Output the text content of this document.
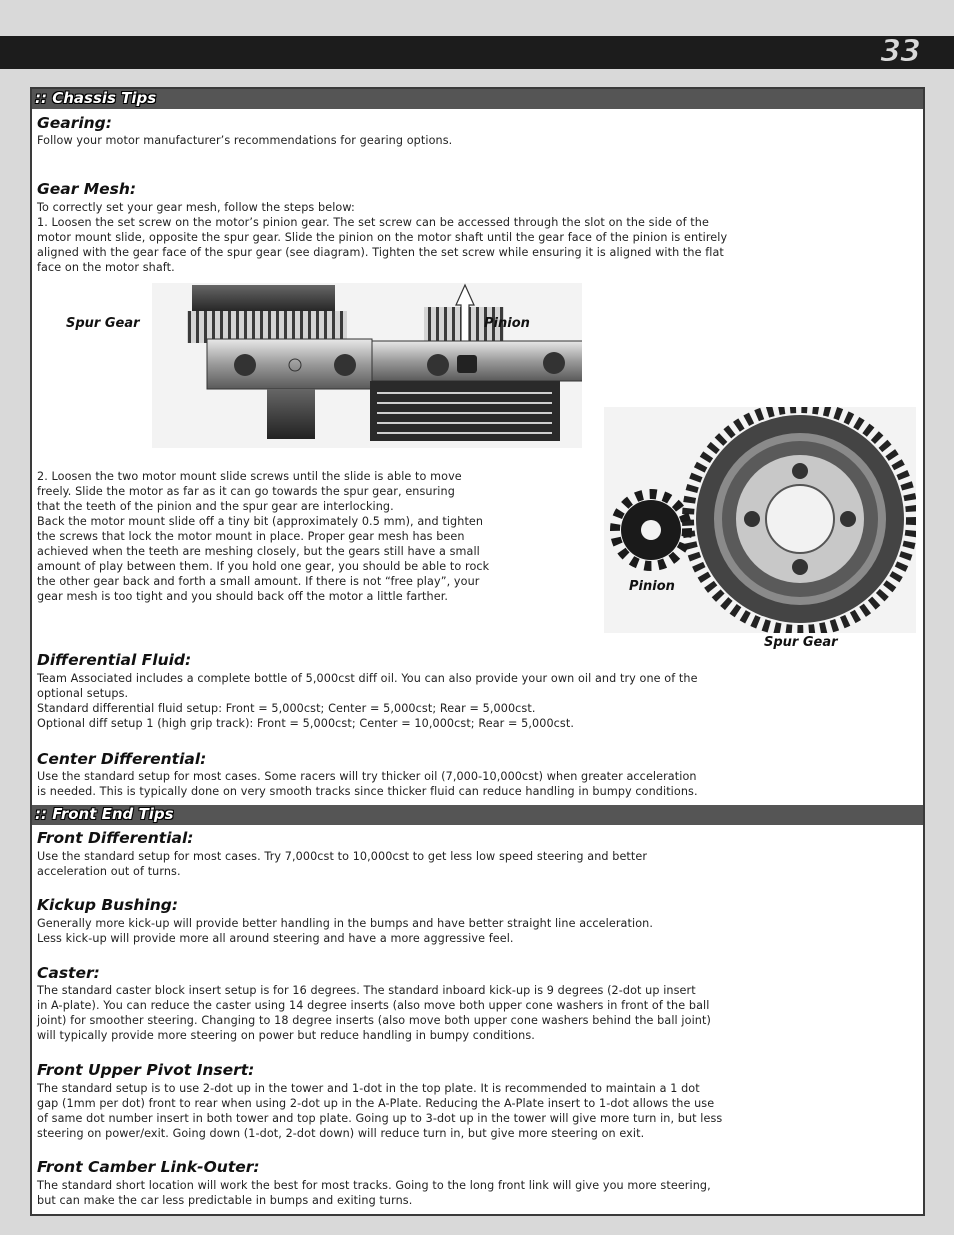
33
:: Chassis Tips
Gearing:
Follow your motor manufacturer’s recommendations for gearing options.
Gear Mesh:
To correctly set your gear mesh, follow the steps below:
1. Loosen the set screw on the motor’s pinion gear. The set screw can be accessed through the slot on the side of the
motor mount slide, opposite the spur gear. Slide the pinion on the motor shaft until the gear face of the pinion is entirely
aligned with the gear face of the spur gear (see diagram). Tighten the set screw while ensuring it is aligned with the flat
face on the motor shaft.
Spur Gear	Pinion
2. Loosen the two motor mount slide screws until the slide is able to move
freely. Slide the motor as far as it can go towards the spur gear, ensuring
that the teeth of the pinion and the spur gear are interlocking.
Back the motor mount slide off a tiny bit (approximately 0.5 mm), and tighten
the screws that lock the motor mount in place. Proper gear mesh has been
achieved when the teeth are meshing closely, but the gears still have a small
amount of play between them. If you hold one gear, you should be able to rock
the other gear back and forth a small amount. If there is not “free play”, your
gear mesh is too tight and you should back off the motor a little farther.
Pinion
Spur Gear
Differential Fluid:
Team Associated includes a complete bottle of 5,000cst diff oil. You can also provide your own oil and try one of the
optional setups.
Standard differential fluid setup: Front = 5,000cst; Center = 5,000cst; Rear = 5,000cst.
Optional diff setup 1 (high grip track): Front = 5,000cst; Center = 10,000cst; Rear = 5,000cst.
Center Differential:
Use the standard setup for most cases. Some racers will try thicker oil (7,000-10,000cst) when greater acceleration
is needed. This is typically done on very smooth tracks since thicker fluid can reduce handling in bumpy conditions.
:: Front End Tips
Front Differential:
Use the standard setup for most cases. Try 7,000cst to 10,000cst to get less low speed steering and better
acceleration out of turns.
Kickup Bushing:
Generally more kick-up will provide better handling in the bumps and have better straight line acceleration.
Less kick-up will provide more all around steering and have a more aggressive feel.
Caster:
The standard caster block insert setup is for 16 degrees. The standard inboard kick-up is 9 degrees (2-dot up insert
in A-plate). You can reduce the caster using 14 degree inserts (also move both upper cone washers in front of the ball
joint) for smoother steering. Changing to 18 degree inserts (also move both upper cone washers behind the ball joint)
will typically provide more steering on power but reduce handling in bumpy conditions.
Front Upper Pivot Insert:
The standard setup is to use 2-dot up in the tower and 1-dot in the top plate. It is recommended to maintain a 1 dot
gap (1mm per dot) front to rear when using 2-dot up in the A-Plate. Reducing the A-Plate insert to 1-dot allows the use
of same dot number insert in both tower and top plate. Going up to 3-dot up in the tower will give more turn in, but less
steering on power/exit. Going down (1-dot, 2-dot down) will reduce turn in, but give more steering on exit.
Front Camber Link-Outer:
The standard short location will work the best for most tracks. Going to the long front link will give you more steering,
but can make the car less predictable in bumps and exiting turns.
